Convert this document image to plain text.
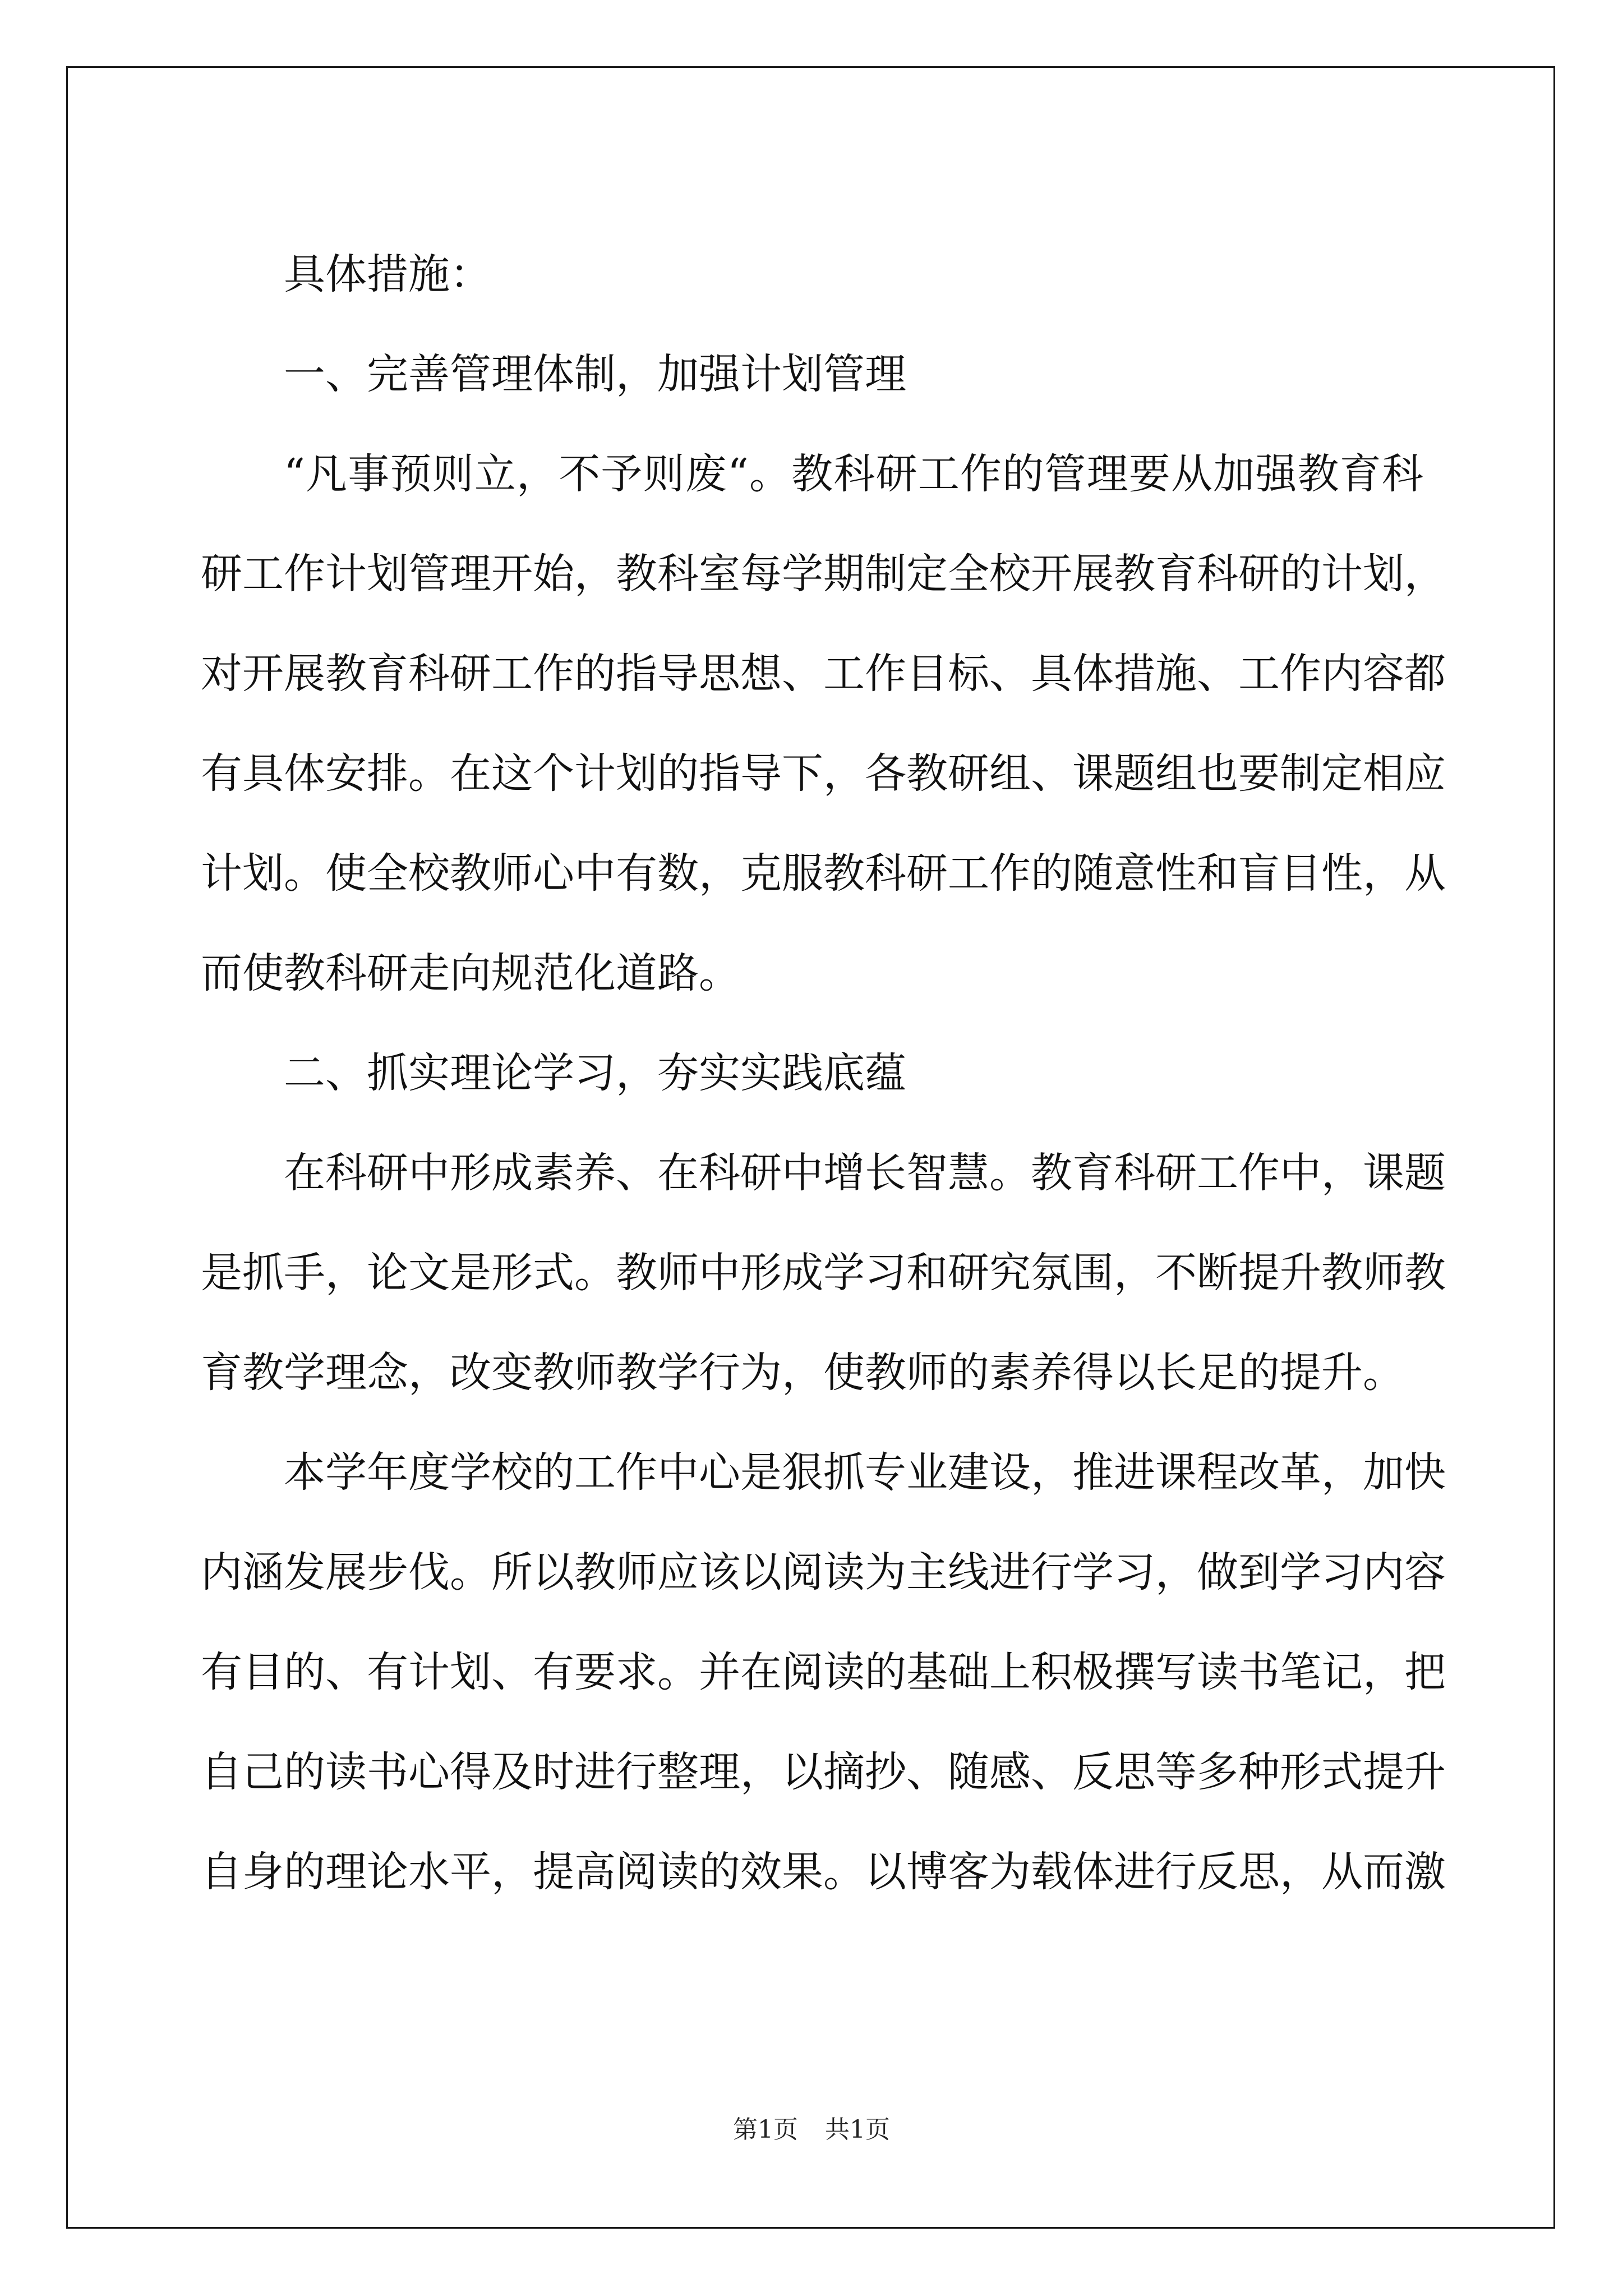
具体措施：
一、完善管理体制，加强计划管理
“凡事预则立，不予则废“。教科研工作的管理要从加强教育科
研工作计划管理开始，教科室每学期制定全校开展教育科研的计划，
对开展教育科研工作的指导思想、工作目标、具体措施、工作内容都
有具体安排。在这个计划的指导下，各教研组、课题组也要制定相应
计划。使全校教师心中有数，克服教科研工作的随意性和盲目性，从
而使教科研走向规范化道路。
二、抓实理论学习，夯实实践底蕴
在科研中形成素养、在科研中增长智慧。教育科研工作中，课题
是抓手，论文是形式。教师中形成学习和研究氛围，不断提升教师教
育教学理念，改变教师教学行为，使教师的素养得以长足的提升。
本学年度学校的工作中心是狠抓专业建设，推进课程改革，加快
内涵发展步伐。所以教师应该以阅读为主线进行学习，做到学习内容
有目的、有计划、有要求。并在阅读的基础上积极撰写读书笔记，把
自己的读书心得及时进行整理，以摘抄、随感、反思等多种形式提升
自身的理论水平，提高阅读的效果。以博客为载体进行反思，从而激
第1页 共1页
